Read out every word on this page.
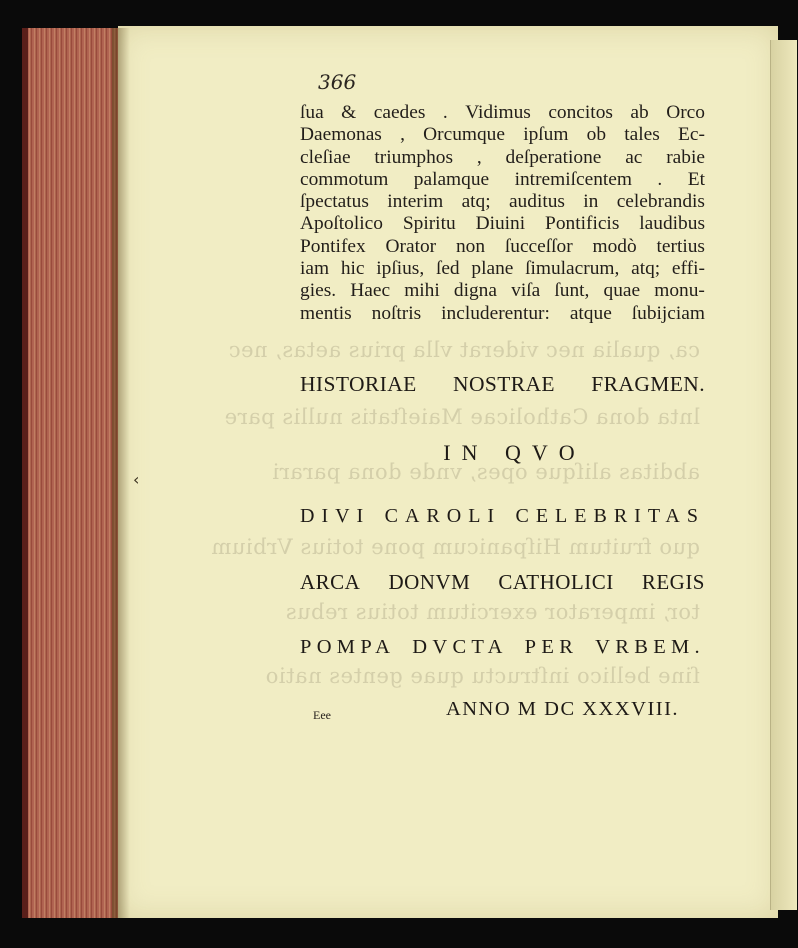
ca, qualia nec viderat vlla prius aetas, nec
lnta dona Catholicae Maieſtatis nullis pare
abditas aliſque opes, vnde dona parari
quo fruitum Hiſpanicum pone totius Vrbium
tor, imperator exercitum totius rebus
ſine bellico inſtructu quae gentes natio
366
ſua & caedes . Vidimus concitos ab Orco
Daemonas , Orcumque ipſum ob tales Ec-
cleſiae triumphos , deſperatione ac rabie
commotum palamque intremiſcentem . Et
ſpectatus interim atq; auditus in celebrandis
Apoſtolico Spiritu Diuini Pontificis laudibus
Pontifex Orator non ſucceſſor modò tertius
iam hic ipſius, ſed plane ſimulacrum, atq; effi-
gies. Haec mihi digna viſa ſunt, quae monu-
mentis noſtris includerentur: atque ſubijciam
HISTORIAE NOSTRAE FRAGMEN.
IN QVO
DIVI CAROLI CELEBRITAS
ARCA DONVM CATHOLICI REGIS
POMPA DVCTA PER VRBEM.
ANNO M DC XXXVIII.
Eee
‹
